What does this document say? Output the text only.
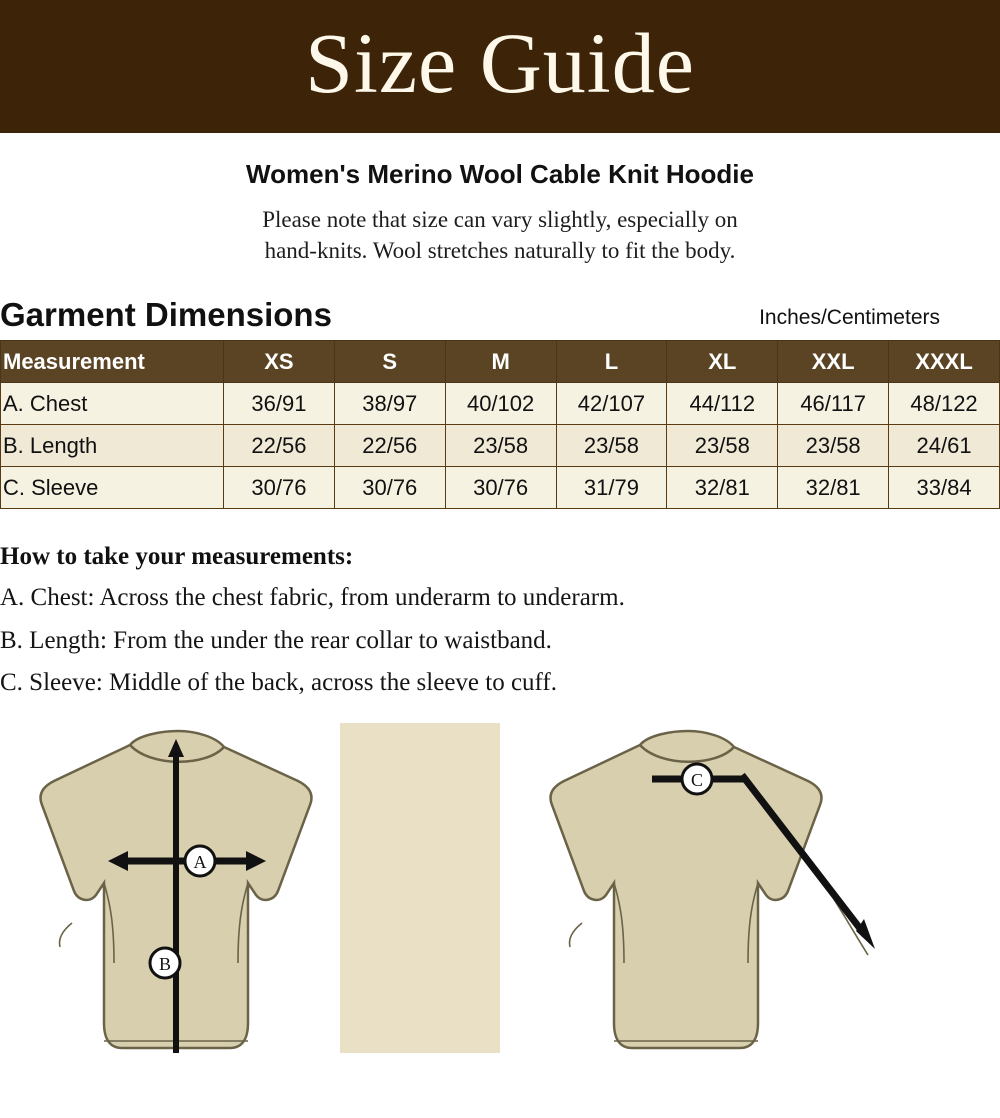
Size Guide
Women's Merino Wool Cable Knit Hoodie
Please note that size can vary slightly, especially on
hand-knits. Wool stretches naturally to fit the body.
Garment Dimensions	Inches/Centimeters
Measurement	XS	S	M	L	XL	XXL	XXXL
A. Chest	36/91	38/97	40/102	42/107	44/112	46/117	48/122
B. Length	22/56	22/56	23/58	23/58	23/58	23/58	24/61
C. Sleeve	30/76	30/76	30/76	31/79	32/81	32/81	33/84
How to take your measurements:
A. Chest: Across the chest fabric, from underarm to underarm.
B. Length: From the under the rear collar to waistband.
C. Sleeve: Middle of the back, across the sleeve to cuff.
A
B
C
